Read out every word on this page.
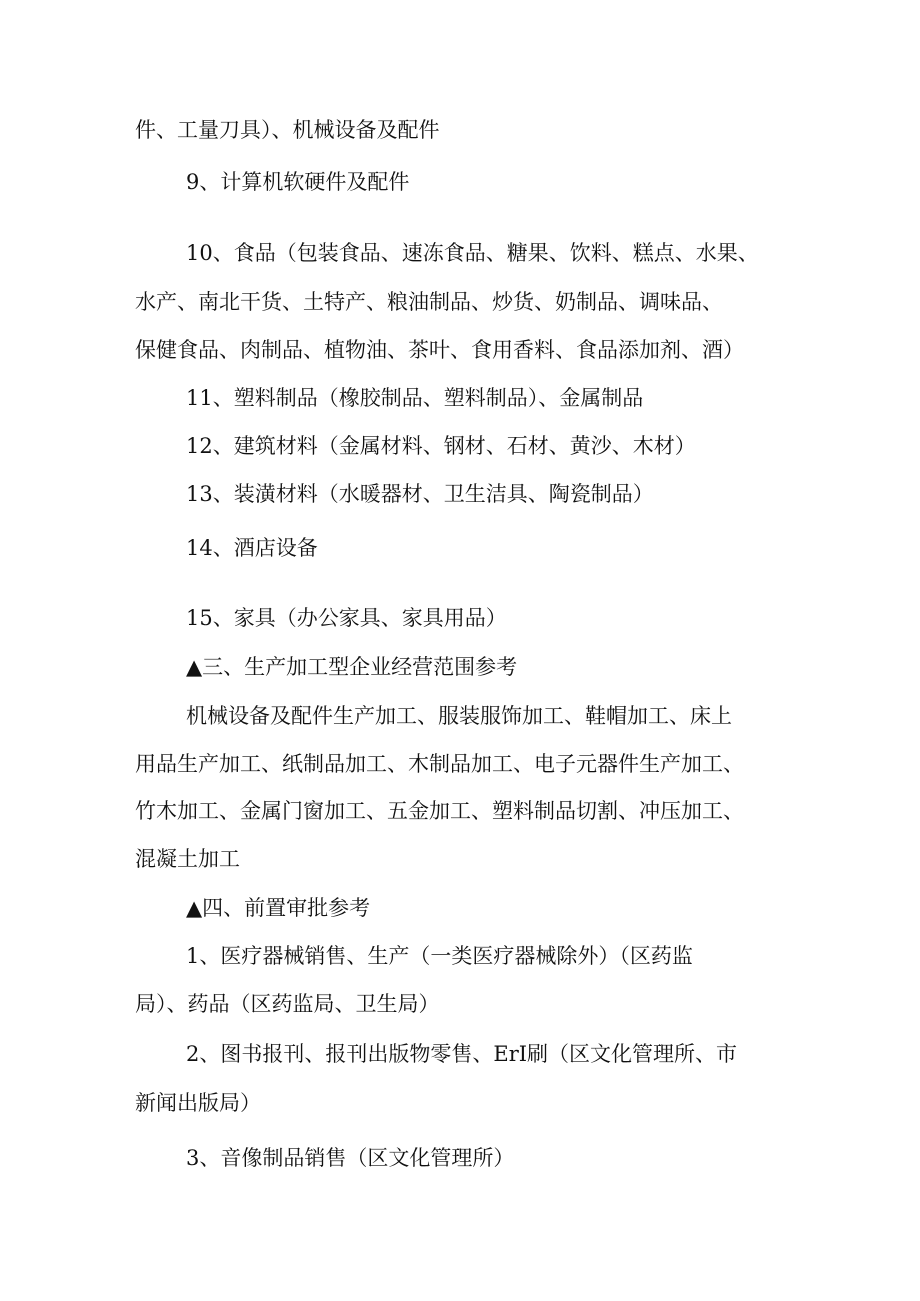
件、工量刀具）、机械设备及配件

9、计算机软硬件及配件

10、食品（包装食品、速冻食品、糖果、饮料、糕点、水果、

水产、南北干货、土特产、粮油制品、炒货、奶制品、调味品、

保健食品、肉制品、植物油、茶叶、食用香料、食品添加剂、酒）

11、塑料制品（橡胶制品、塑料制品）、金属制品

12、建筑材料（金属材料、钢材、石材、黄沙、木材）

13、装潢材料（水暖器材、卫生洁具、陶瓷制品）

14、酒店设备

15、家具（办公家具、家具用品）

▲三、生产加工型企业经营范围参考

机械设备及配件生产加工、服装服饰加工、鞋帽加工、床上

用品生产加工、纸制品加工、木制品加工、电子元器件生产加工、

竹木加工、金属门窗加工、五金加工、塑料制品切割、冲压加工、

混凝土加工

▲四、前置审批参考

1、医疗器械销售、生产（一类医疗器械除外）（区药监

局）、药品（区药监局、卫生局）

2、图书报刊、报刊出版物零售、ErI刷（区文化管理所、市

新闻出版局）

3、音像制品销售（区文化管理所）
